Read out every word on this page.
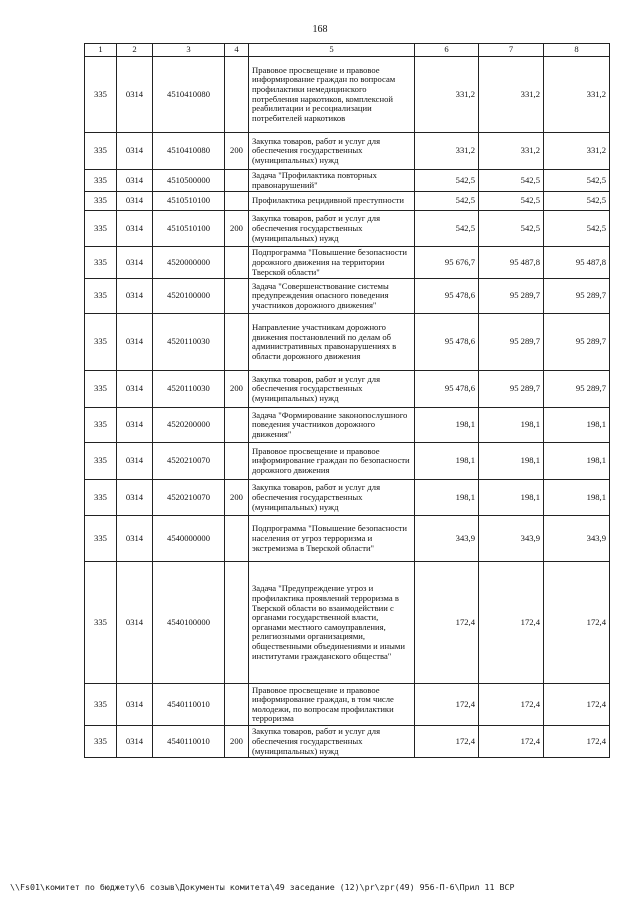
168
1	2	3	4	5	6	7	8
335	0314	4510410080		Правовое просвещение и правовое информирование граждан по вопросам профилактики немедицинского потребления наркотиков, комплексной реабилитации и ресоциализации потребителей наркотиков	331,2	331,2	331,2
335	0314	4510410080	200	Закупка товаров, работ и услуг для обеспечения государственных (муниципальных) нужд	331,2	331,2	331,2
335	0314	4510500000		Задача "Профилактика повторных правонарушений"	542,5	542,5	542,5
335	0314	4510510100		Профилактика рецидивной преступности	542,5	542,5	542,5
335	0314	4510510100	200	Закупка товаров, работ и услуг для обеспечения государственных (муниципальных) нужд	542,5	542,5	542,5
335	0314	4520000000		Подпрограмма "Повышение безопасности дорожного движения на территории Тверской области"	95 676,7	95 487,8	95 487,8
335	0314	4520100000		Задача "Совершенствование системы предупреждения опасного поведения участников дорожного движения"	95 478,6	95 289,7	95 289,7
335	0314	4520110030		Направление участникам дорожного движения постановлений по делам об административных правонарушениях в области дорожного движения	95 478,6	95 289,7	95 289,7
335	0314	4520110030	200	Закупка товаров, работ и услуг для обеспечения государственных (муниципальных) нужд	95 478,6	95 289,7	95 289,7
335	0314	4520200000		Задача "Формирование законопослушного поведения участников дорожного движения"	198,1	198,1	198,1
335	0314	4520210070		Правовое просвещение и правовое информирование граждан по безопасности дорожного движения	198,1	198,1	198,1
335	0314	4520210070	200	Закупка товаров, работ и услуг для обеспечения государственных (муниципальных) нужд	198,1	198,1	198,1
335	0314	4540000000		Подпрограмма "Повышение безопасности населения от угроз терроризма и экстремизма в Тверской области"	343,9	343,9	343,9
335	0314	4540100000		Задача "Предупреждение угроз и профилактика проявлений терроризма в Тверской области во взаимодействии с органами государственной власти, органами местного самоуправления, религиозными организациями, общественными объединениями и иными институтами гражданского общества"	172,4	172,4	172,4
335	0314	4540110010		Правовое просвещение и правовое информирование граждан, в том числе молодежи, по вопросам профилактики терроризма	172,4	172,4	172,4
335	0314	4540110010	200	Закупка товаров, работ и услуг для обеспечения государственных (муниципальных) нужд	172,4	172,4	172,4
\\Fs01\комитет по бюджету\6 созыв\Документы комитета\49 заседание (12)\pr\zpr(49) 956-П-6\Прил 11 ВСР
